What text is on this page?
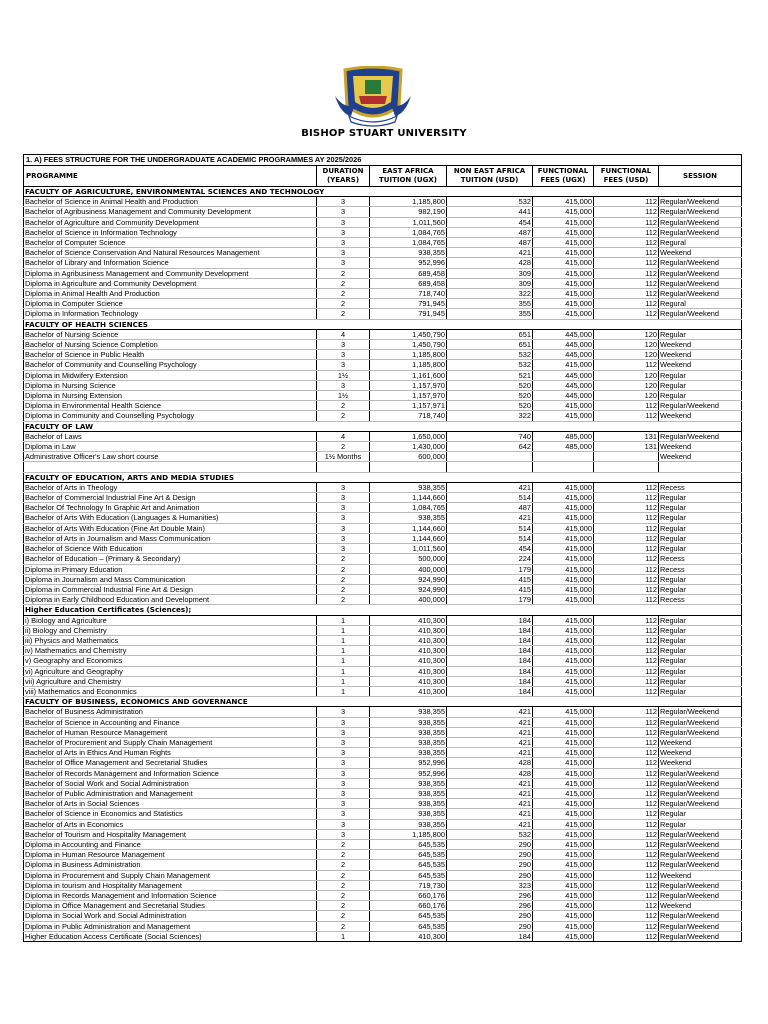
BISHOP STUART UNIVERSITY
1. A) FEES STRUCTURE FOR THE UNDERGRADUATE ACADEMIC PROGRAMMES AY 2025/2026						
PROGRAMME	DURATION (YEARS)	EAST AFRICA TUITION (UGX)	NON EAST AFRICA TUITION (USD)	FUNCTIONAL FEES (UGX)	FUNCTIONAL FEES (USD)	SESSION
FACULTY OF AGRICULTURE, ENVIRONMENTAL SCIENCES AND TECHNOLOGY						
Bachelor of Science in Animal Health and Production	3	1,185,800	532	415,000	112	Regular/Weekend
Bachelor of Agribusiness Management and Community Development	3	982,190	441	415,000	112	Regular/Weekend
Bachelor of Agriculture and Community Development	3	1,011,560	454	415,000	112	Regular/Weekend
Bachelor of Science in Information Technology	3	1,084,765	487	415,000	112	Regular/Weekend
Bachelor of Computer Science	3	1,084,765	487	415,000	112	Regural
Bachelor of Science Conservation And Natural Resources Management	3	938,355	421	415,000	112	Weekend
Bachelor of Library and Information Science	3	952,996	428	415,000	112	Regular/Weekend
Diploma in Agribusiness Management and Community Development	2	689,458	309	415,000	112	Regular/Weekend
Diploma in Agriculture and Community Development	2	689,458	309	415,000	112	Regular/Weekend
Diploma in Animal Health And Production	2	718,740	322	415,000	112	Regular/Weekend
Diploma in Computer Science	2	791,945	355	415,000	112	Regural
Diploma in Information Technology	2	791,945	355	415,000	112	Regular/Weekend
FACULTY OF HEALTH SCIENCES						
Bachelor of Nursing Science	4	1,450,790	651	445,000	120	Regular
Bachelor of Nursing Science Completion	3	1,450,790	651	445,000	120	Weekend
Bachelor of Science in Public Health	3	1,185,800	532	445,000	120	Weekend
Bachelor of Community and Counselling Psychology	3	1,185,800	532	415,000	112	Weekend
Diploma in Midwifery Extension	1½	1,161,600	521	445,000	120	Regular
Diploma in Nursing Science	3	1,157,970	520	445,000	120	Regular
Diploma in Nursing Extension	1½	1,157,970	520	445,000	120	Regular
Diploma in Environmental Health Science	2	1,157,971	520	415,000	112	Regular/Weekend
Diploma in Community and Counselling Psychology	2	718,740	322	415,000	112	Weekend
FACULTY OF LAW						
Bachelor of Laws	4	1,650,000	740	485,000	131	Regular/Weekend
Diploma in Law	2	1,430,000	642	485,000	131	Weekend
Administrative Officer's Law short course	1½ Months	600,000				Weekend

FACULTY OF EDUCATION, ARTS AND MEDIA STUDIES						
Bachelor of Arts in Theology	3	938,355	421	415,000	112	Recess
Bachelor of Commercial Industrial Fine Art & Design	3	1,144,660	514	415,000	112	Regular
Bachelor Of Technology In Graphic Art and Animation	3	1,084,765	487	415,000	112	Regular
Bachelor of Arts With Education (Languages & Humanities)	3	938,355	421	415,000	112	Regular
Bachelor of Arts With Education (Fine Art Double Main)	3	1,144,660	514	415,000	112	Regular
Bachelor of Arts in Journalism and Mass Communication	3	1,144,660	514	415,000	112	Regular
Bachelor of Science With Education	3	1,011,560	454	415,000	112	Regular
Bachelor of Education – (Primary & Secondary)	2	500,000	224	415,000	112	Recess
Diploma in Primary Education	2	400,000	179	415,000	112	Recess
Diploma in Journalism and Mass Communication	2	924,990	415	415,000	112	Regular
Diploma in Commercial Industrial Fine Art & Design	2	924,990	415	415,000	112	Regular
Diploma in Early Childhood Education and Development	2	400,000	179	415,000	112	Recess
Higher Education Certificates (Sciences);						
i) Biology and Agriculture	1	410,300	184	415,000	112	Regular
ii) Biology and Chemistry	1	410,300	184	415,000	112	Regular
iii) Physics and Mathematics	1	410,300	184	415,000	112	Regular
iv) Mathematics and Chemistry	1	410,300	184	415,000	112	Regular
v) Geography and Economics	1	410,300	184	415,000	112	Regular
vi) Agriculture and Geography	1	410,300	184	415,000	112	Regular
vii) Agriculture and Chemistry	1	410,300	184	415,000	112	Regular
viii) Mathematics and Econonmics	1	410,300	184	415,000	112	Regular
FACULTY OF BUSINESS, ECONOMICS AND GOVERNANCE						
Bachelor of Business Administration	3	938,355	421	415,000	112	Regular/Weekend
Bachelor of Science in Accounting and Finance	3	938,355	421	415,000	112	Regular/Weekend
Bachelor of Human Resource Management	3	938,355	421	415,000	112	Regular/Weekend
Bachelor of Procurement and Supply Chain Management	3	938,355	421	415,000	112	Weekend
Bachelor of Arts in Ethics And Human Rights	3	938,355	421	415,000	112	Weekend
Bachelor of Office Management and Secretarial Studies	3	952,996	428	415,000	112	Weekend
Bachelor of Records Management and Information Science	3	952,996	428	415,000	112	Regular/Weekend
Bachelor of Social Work and Social Administration	3	938,355	421	415,000	112	Regular/Weekend
Bachelor of Public Administration and Management	3	938,355	421	415,000	112	Regular/Weekend
Bachelor of Arts in Social Sciences	3	938,355	421	415,000	112	Regular/Weekend
Bachelor of Science in Economics and Statistics	3	938,355	421	415,000	112	Regular
Bachelor of Arts in Economics	3	938,355	421	415,000	112	Regular
Bachelor of Tourism and Hospitality Management	3	1,185,800	532	415,000	112	Regular/Weekend
Diploma in Accounting and Finance	2	645,535	290	415,000	112	Regular/Weekend
Diploma in Human Resource Management	2	645,535	290	415,000	112	Regular/Weekend
Diploma in Business Administration	2	645,535	290	415,000	112	Regular/Weekend
Diploma in Procurement and Supply Chain Management	2	645,535	290	415,000	112	Weekend
Diploma in tourism and Hospitality Management	2	719,730	323	415,000	112	Regular/Weekend
Diploma in Records Management and Information Science	2	660,176	296	415,000	112	Regular/Weekend
Diploma in Office Management and Secretarial Studies	2	660,176	296	415,000	112	Weekend
Diploma in Social Work and Social Administration	2	645,535	290	415,000	112	Regular/Weekend
Diploma in Public Administration and Management	2	645,535	290	415,000	112	Regular/Weekend
Higher Education Access Certificate (Social Sciences)	1	410,300	184	415,000	112	Regular/Weekend
